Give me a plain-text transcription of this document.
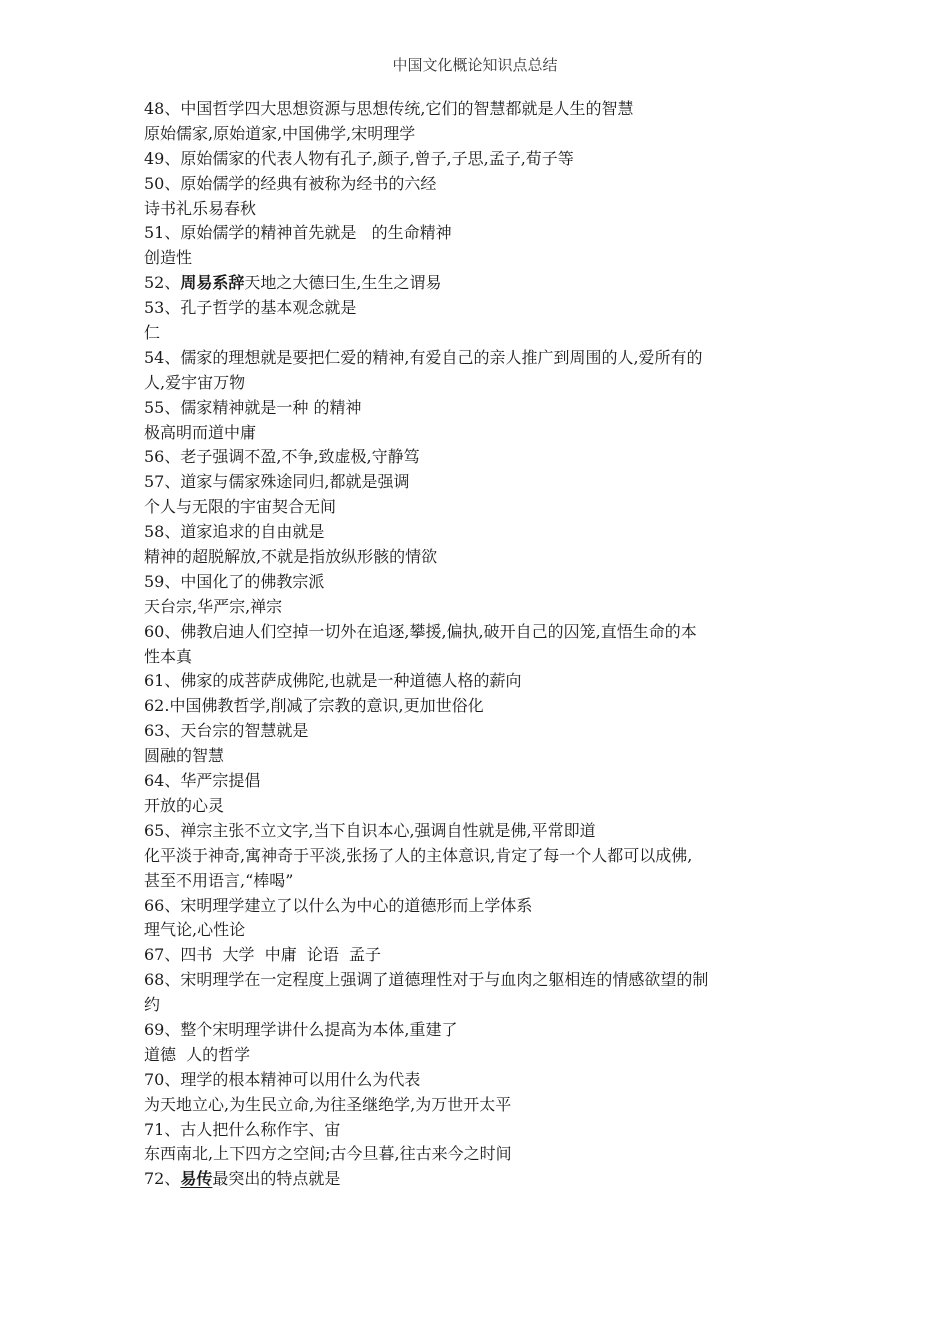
中国文化概论知识点总结
48、中国哲学四大思想资源与思想传统,它们的智慧都就是人生的智慧
原始儒家,原始道家,中国佛学,宋明理学
49、原始儒家的代表人物有孔子,颜子,曾子,子思,孟子,荀子等
50、原始儒学的经典有被称为经书的六经
诗书礼乐易春秋
51、原始儒学的精神首先就是   的生命精神
创造性
52、周易系辞天地之大德曰生,生生之谓易
53、孔子哲学的基本观念就是
仁
54、儒家的理想就是要把仁爱的精神,有爱自己的亲人推广到周围的人,爱所有的
人,爱宇宙万物
55、儒家精神就是一种 的精神
极高明而道中庸
56、老子强调不盈,不争,致虚极,守静笃
57、道家与儒家殊途同归,都就是强调
个人与无限的宇宙契合无间
58、道家追求的自由就是
精神的超脱解放,不就是指放纵形骸的情欲
59、中国化了的佛教宗派
天台宗,华严宗,禅宗
60、佛教启迪人们空掉一切外在追逐,攀援,偏执,破开自己的囚笼,直悟生命的本
性本真
61、佛家的成菩萨成佛陀,也就是一种道德人格的薪向
62.中国佛教哲学,削减了宗教的意识,更加世俗化
63、天台宗的智慧就是
圆融的智慧
64、华严宗提倡
开放的心灵
65、禅宗主张不立文字,当下自识本心,强调自性就是佛,平常即道
化平淡于神奇,寓神奇于平淡,张扬了人的主体意识,肯定了每一个人都可以成佛,
甚至不用语言,“棒喝”
66、宋明理学建立了以什么为中心的道德形而上学体系
理气论,心性论
67、四书  大学  中庸  论语  孟子
68、宋明理学在一定程度上强调了道德理性对于与血肉之躯相连的情感欲望的制
约
69、整个宋明理学讲什么提高为本体,重建了
道德  人的哲学
70、理学的根本精神可以用什么为代表
为天地立心,为生民立命,为往圣继绝学,为万世开太平
71、古人把什么称作宇、宙
东西南北,上下四方之空间;古今旦暮,往古来今之时间
72、易传最突出的特点就是
